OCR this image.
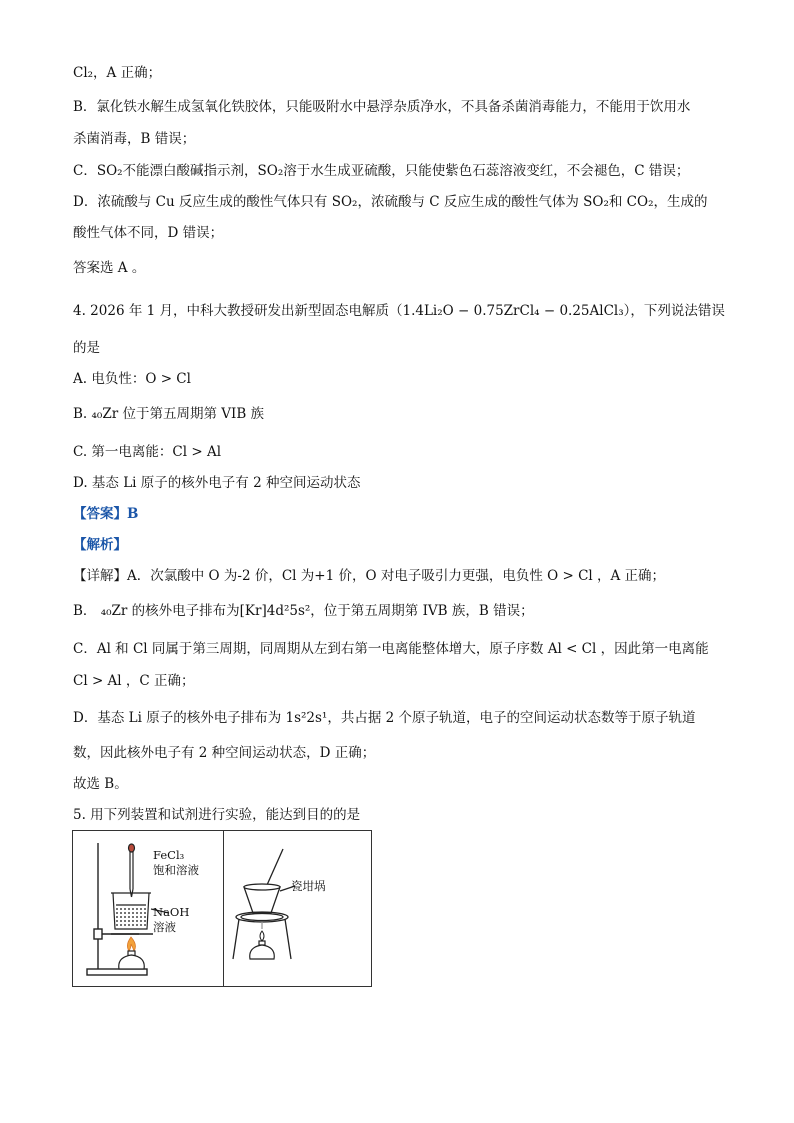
Cl₂，A 正确；
B．氯化铁水解生成氢氧化铁胶体，只能吸附水中悬浮杂质净水，不具备杀菌消毒能力，不能用于饮用水
杀菌消毒，B 错误；
C．SO₂不能漂白酸碱指示剂，SO₂溶于水生成亚硫酸，只能使紫色石蕊溶液变红，不会褪色，C 错误；
D．浓硫酸与 Cu 反应生成的酸性气体只有 SO₂，浓硫酸与 C 反应生成的酸性气体为 SO₂和 CO₂，生成的
酸性气体不同，D 错误；
答案选 A 。
4. 2026 年 1 月，中科大教授研发出新型固态电解质（1.4Li₂O − 0.75ZrCl₄ − 0.25AlCl₃），下列说法错误
的是
A. 电负性：O > Cl
B. ₄₀Zr 位于第五周期第 VIB 族
C. 第一电离能：Cl > Al
D. 基态 Li 原子的核外电子有 2 种空间运动状态
【答案】B
【解析】
【详解】A．次氯酸中 O 为-2 价，Cl 为+1 价，O 对电子吸引力更强，电负性 O > Cl ，A 正确；
B． ₄₀Zr 的核外电子排布为[Kr]4d²5s²，位于第五周期第 IVB 族，B 错误；
C．Al 和 Cl 同属于第三周期，同周期从左到右第一电离能整体增大，原子序数 Al < Cl ，因此第一电离能
Cl > Al ，C 正确；
D．基态 Li 原子的核外电子排布为 1s²2s¹，共占据 2 个原子轨道，电子的空间运动状态数等于原子轨道
数，因此核外电子有 2 种空间运动状态，D 正确；
故选 B。
5. 用下列装置和试剂进行实验，能达到目的的是
FeCl₃
饱和溶液
NaOH
溶液
瓷坩埚
